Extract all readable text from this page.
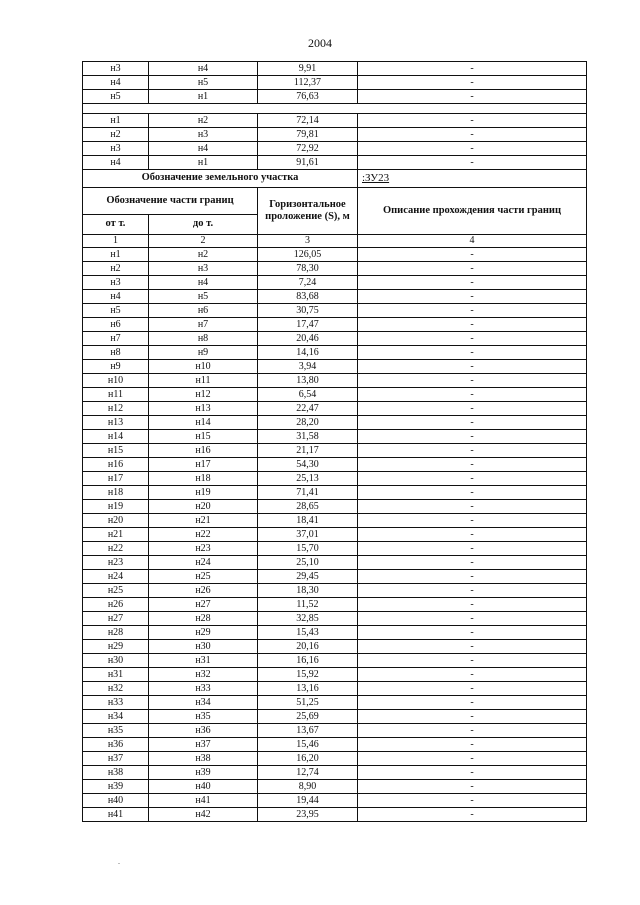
2004
н3	н4	9,91	-
н4	н5	112,37	-
н5	н1	76,63	-

н1	н2	72,14	-
н2	н3	79,81	-
н3	н4	72,92	-
н4	н1	91,61	-
Обозначение земельного участка			:ЗУ23
Обозначение части границ		Горизонтальное проложение (S), м	Описание прохождения части границ
от т.	до т.		
1	2	3	4
н1	н2	126,05	-
н2	н3	78,30	-
н3	н4	7,24	-
н4	н5	83,68	-
н5	н6	30,75	-
н6	н7	17,47	-
н7	н8	20,46	-
н8	н9	14,16	-
н9	н10	3,94	-
н10	н11	13,80	-
н11	н12	6,54	-
н12	н13	22,47	-
н13	н14	28,20	-
н14	н15	31,58	-
н15	н16	21,17	-
н16	н17	54,30	-
н17	н18	25,13	-
н18	н19	71,41	-
н19	н20	28,65	-
н20	н21	18,41	-
н21	н22	37,01	-
н22	н23	15,70	-
н23	н24	25,10	-
н24	н25	29,45	-
н25	н26	18,30	-
н26	н27	11,52	-
н27	н28	32,85	-
н28	н29	15,43	-
н29	н30	20,16	-
н30	н31	16,16	-
н31	н32	15,92	-
н32	н33	13,16	-
н33	н34	51,25	-
н34	н35	25,69	-
н35	н36	13,67	-
н36	н37	15,46	-
н37	н38	16,20	-
н38	н39	12,74	-
н39	н40	8,90	-
н40	н41	19,44	-
н41	н42	23,95	-
.
